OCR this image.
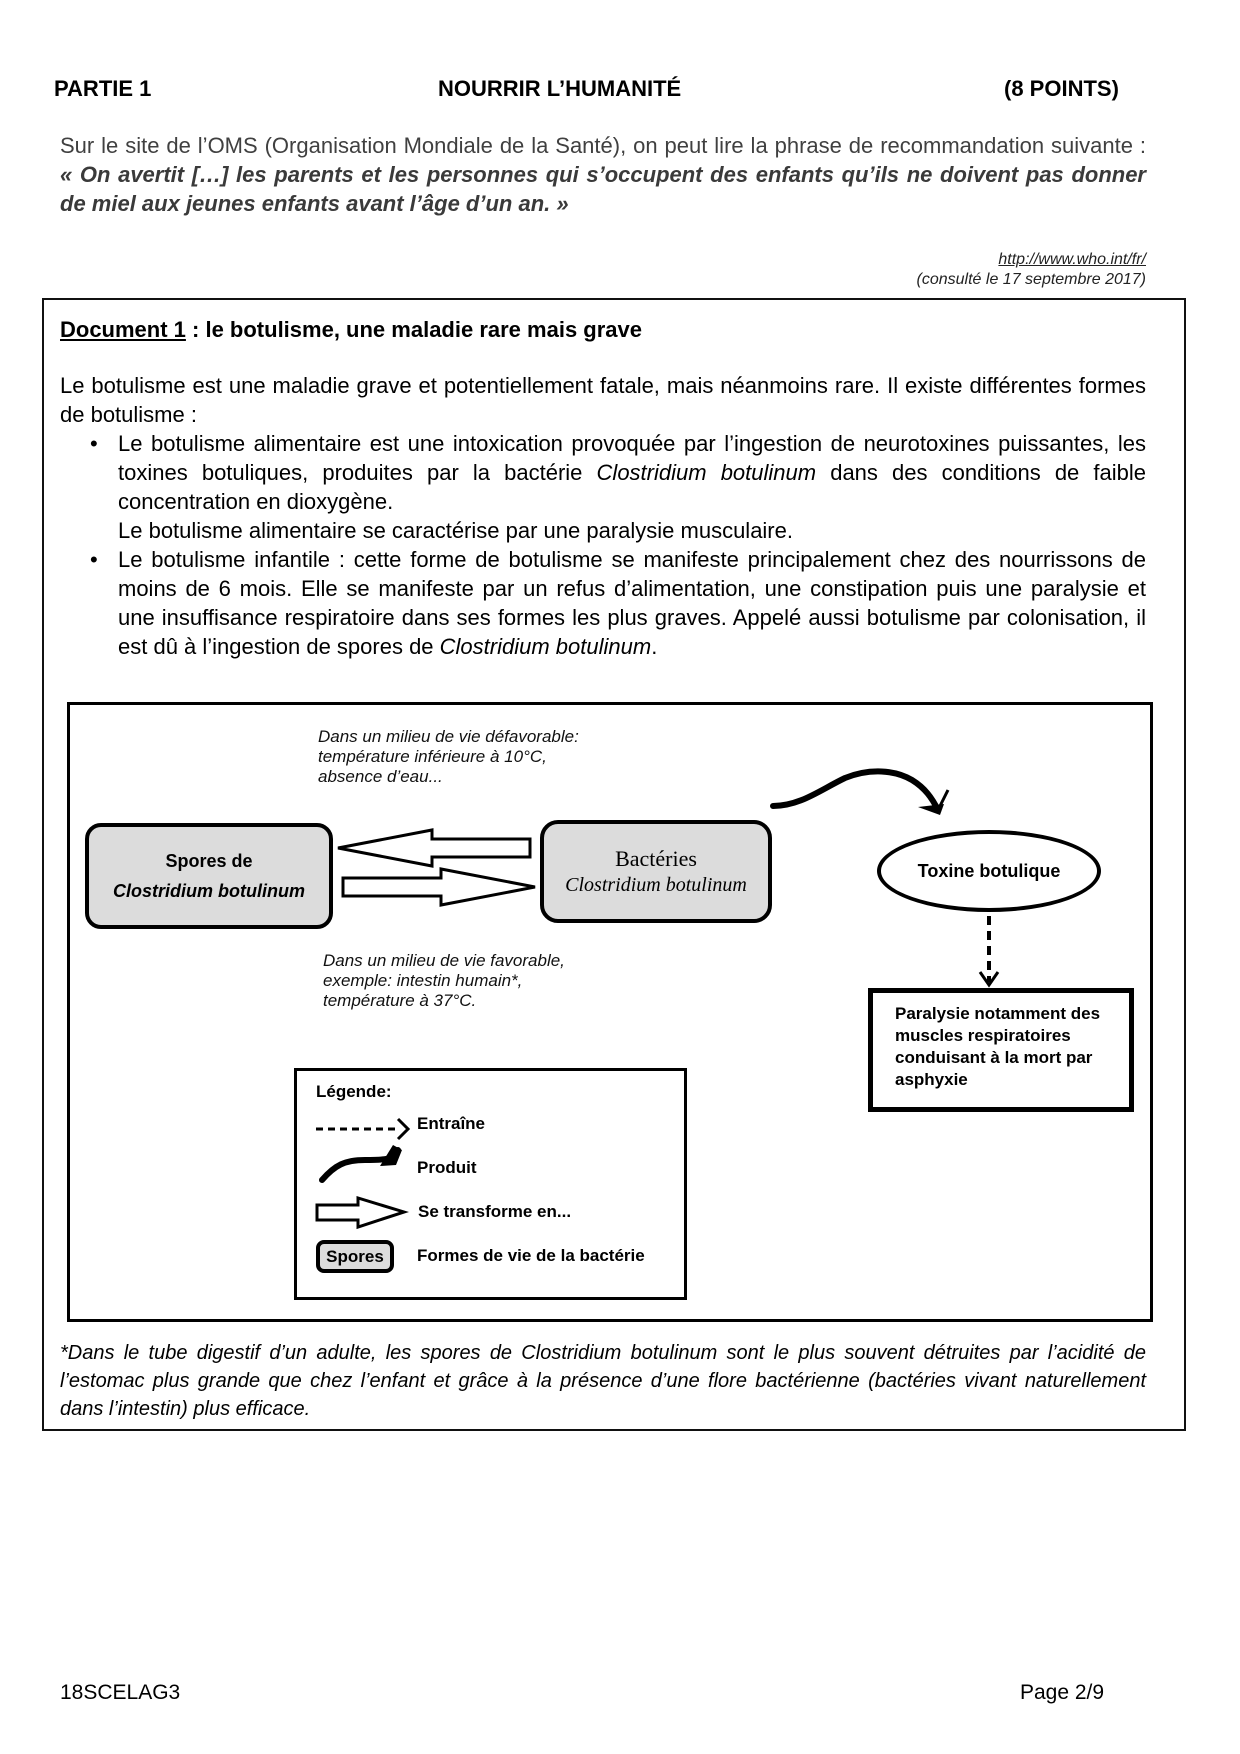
PARTIE 1	NOURRIR L’HUMANITÉ	(8 POINTS)
Sur le site de l’OMS (Organisation Mondiale de la Santé), on peut lire la phrase de recommandation suivante : « On avertit […] les parents et les personnes qui s’occupent des enfants qu’ils ne doivent pas donner de miel aux jeunes enfants avant l’âge d’un an. »
http://www.who.int/fr/
(consulté le 17 septembre 2017)
Document 1 : le botulisme, une maladie rare mais grave
Le botulisme est une maladie grave et potentiellement fatale, mais néanmoins rare. Il existe différentes formes de botulisme :
• Le botulisme alimentaire est une intoxication provoquée par l’ingestion de neurotoxines puissantes, les toxines botuliques, produites par la bactérie Clostridium botulinum dans des conditions de faible concentration en dioxygène.
Le botulisme alimentaire se caractérise par une paralysie musculaire.
• Le botulisme infantile : cette forme de botulisme se manifeste principalement chez des nourrissons de moins de 6 mois. Elle se manifeste par un refus d’alimentation, une constipation puis une paralysie et une insuffisance respiratoire dans ses formes les plus graves. Appelé aussi botulisme par colonisation, il est dû à l’ingestion de spores de Clostridium botulinum.
Dans un milieu de vie défavorable:
température inférieure à 10°C,
absence d’eau...
Spores de
Clostridium botulinum
Bactéries
Clostridium botulinum
Toxine botulique
Paralysie notamment des muscles respiratoires conduisant à la mort par asphyxie
Dans un milieu de vie favorable,
exemple: intestin humain*,
température à 37°C.
Légende:
Entraîne
Produit
Se transforme en...
Spores	Formes de vie de la bactérie
*Dans le tube digestif d’un adulte, les spores de Clostridium botulinum sont le plus souvent détruites par l’acidité de l’estomac plus grande que chez l’enfant et grâce à la présence d’une flore bactérienne (bactéries vivant naturellement dans l’intestin) plus efficace.
18SCELAG3	Page 2/9
